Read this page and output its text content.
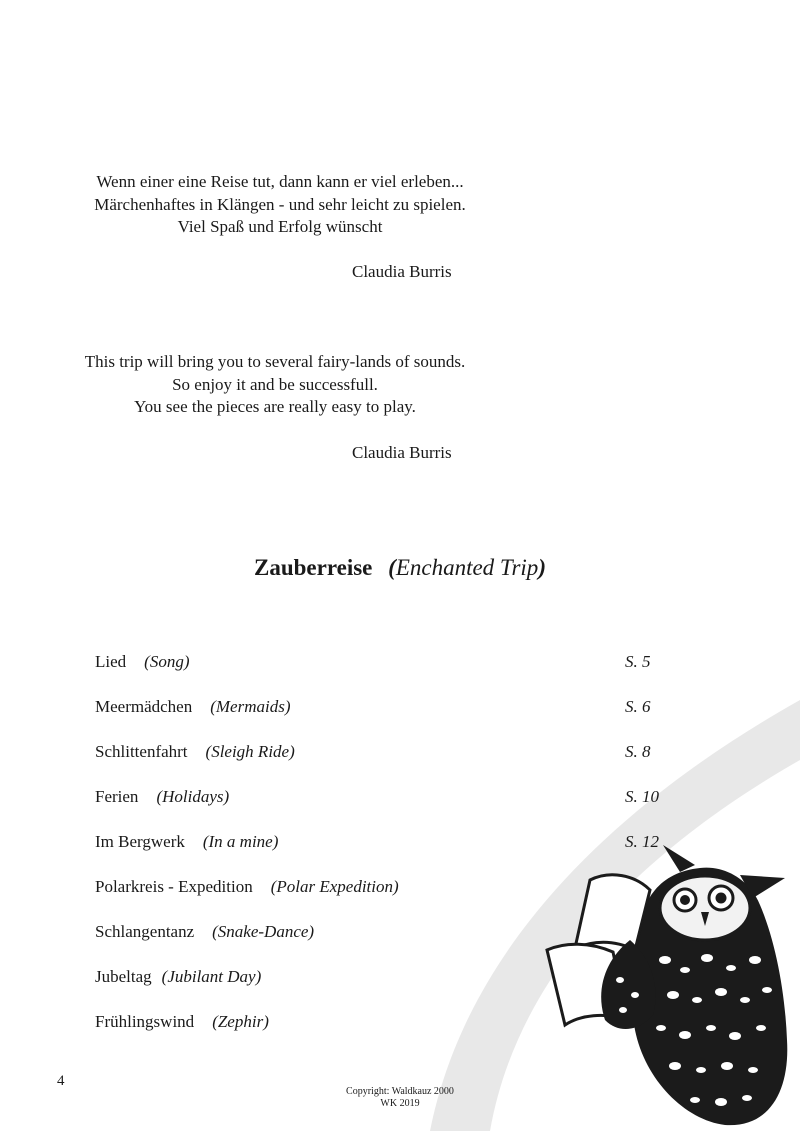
Wenn einer eine Reise tut, dann kann er viel erleben...
Märchenhaftes in Klängen - und sehr leicht zu spielen.
Viel Spaß und Erfolg wünscht
Claudia Burris
This trip will bring you to several fairy-lands of sounds.
So enjoy it and be successfull.
You see the pieces are really easy to play.
Claudia Burris
Zauberreise (Enchanted Trip)
Lied (Song)	S. 5
Meermädchen (Mermaids)	S. 6
Schlittenfahrt (Sleigh Ride)	S. 8
Ferien (Holidays)	S. 10
Im Bergwerk (In a mine)	S. 12
Polarkreis - Expedition (Polar Expedition)
Schlangentanz (Snake-Dance)
Jubeltag (Jubilant Day)
Frühlingswind (Zephir)
4
Copyright: Waldkauz 2000
WK 2019
